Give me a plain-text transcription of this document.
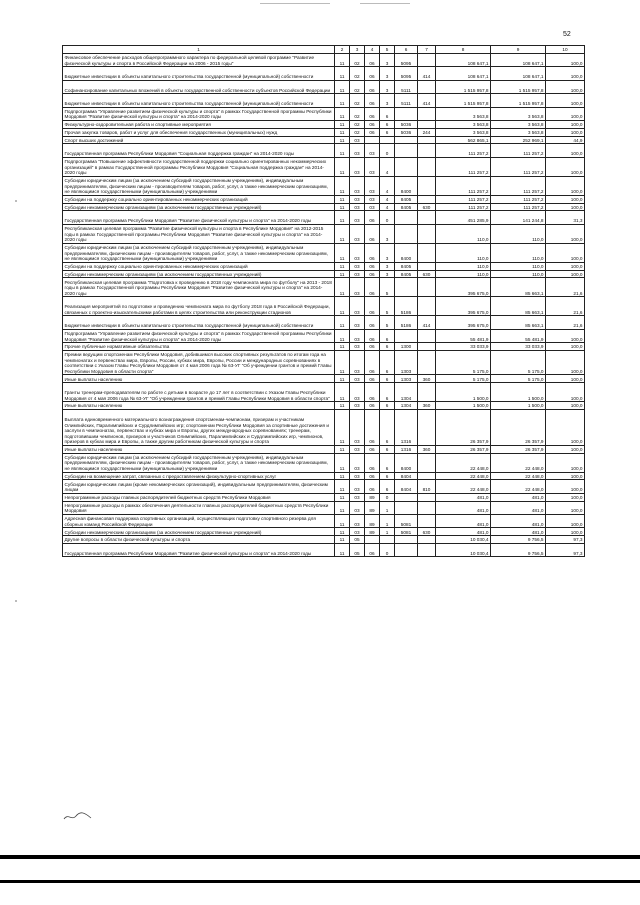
52
1	2	3	4	5	6	7	8	9	10
Финансовое обеспечение расходов общепрограммного характера по федеральной целевой программе "Развитие физической культуры и спорта в Российской Федерации на 2006 - 2015 годы"	11	02	06	3	5095		108 647,1	108 647,1	100,0
Бюджетные инвестиции в объекты капитального строительства государственной (муниципальной) собственности	11	02	06	3	5095	414	108 647,1	108 647,1	100,0
Софинансирование капитальных вложений в объекты государственной собственности субъектов Российской Федерации	11	02	06	3	5111		1 515 957,8	1 515 957,8	100,0
Бюджетные инвестиции в объекты капитального строительства государственной (муниципальной) собственности	11	02	06	3	5111	414	1 515 957,8	1 515 957,8	100,0
Подпрограмма "Управление развитием физической культуры и спорта" в рамках Государственной программы Республики Мордовия "Развитие физической культуры и спорта" на 2014-2020 годы	11	02	06	6			3 563,8	3 563,8	100,0
Физкультурно-оздоровительная работа и спортивные мероприятия	11	02	06	6	5036		3 563,8	3 563,8	100,0
Прочая закупка товаров, работ и услуг для обеспечения государственных (муниципальных) нужд	11	02	06	6	5036	244	3 563,8	3 563,8	100,0
Спорт высших достижений	11	03					562 865,1	252 969,1	44,9
Государственная программа Республики Мордовия "Социальная поддержка граждан" на 2014-2020 годы	11	03	03	0			111 257,2	111 257,2	100,0
Подпрограмма "Повышение эффективности государственной поддержки социально ориентированных некоммерческих организаций" в рамках Государственной программы Республики Мордовия "Социальная поддержка граждан" на 2014-2020 годы	11	03	03	4			111 257,2	111 257,2	100,0
Субсидии юридическим лицам (за исключением субсидий государственным учреждениям), индивидуальным предпринимателям, физическим лицам - производителям товаров, работ, услуг, а также некоммерческим организациям, не являющимся государственными (муниципальными) учреждениями	11	03	03	4	8400		111 257,2	111 257,2	100,0
Субсидии на поддержку социально ориентированных некоммерческих организаций	11	03	03	4	8405		111 257,2	111 257,2	100,0
Субсидии некоммерческим организациям (за исключением государственных учреждений)	11	03	03	4	8405	630	111 257,2	111 257,2	100,0
Государственная программа Республики Мордовия "Развитие физической культуры и спорта" на 2014-2020 годы	11	03	06	0			451 285,9	141 244,8	31,3
Республиканская целевая программа "Развитие физической культуры и спорта в Республике Мордовия" на 2012-2015 годы в рамках Государственной программы Республики Мордовия "Развитие физической культуры и спорта" на 2014-2020 годы	11	03	06	3			110,0	110,0	100,0
Субсидии юридическим лицам (за исключением субсидий государственным учреждениям), индивидуальным предпринимателям, физическим лицам - производителям товаров, работ, услуг, а также некоммерческим организациям, не являющимся государственными (муниципальными) учреждениями	11	03	06	3	8400		110,0	110,0	100,0
Субсидии на поддержку социально ориентированных некоммерческих организаций	11	03	06	3	8405		110,0	110,0	100,0
Субсидии некоммерческим организациям (за исключением государственных учреждений)	11	03	06	3	8405	630	110,0	110,0	100,0
Республиканская целевая программа "Подготовка к проведению в 2018 году чемпионата мира по футболу" на 2013 - 2018 годы в рамках Государственной программы Республики Мордовия "Развитие физической культуры и спорта" на 2014-2020 годы	11	03	06	5			395 675,0	85 663,1	21,6
Реализация мероприятий по подготовке и проведению чемпионата мира по футболу 2018 года в Российской Федерации, связанных с проектно-изыскательскими работами в целях строительства или реконструкции стадионов	11	03	06	5	5186		395 675,0	85 663,1	21,6
Бюджетные инвестиции в объекты капитального строительства государственной (муниципальной) собственности	11	03	06	5	5186	414	395 675,0	85 663,1	21,6
Подпрограмма "Управление развитием физической культуры и спорта" в рамках Государственной программы Республики Мордовия "Развитие физической культуры и спорта" на 2014-2020 годы	11	03	06	6			55 481,9	55 481,9	100,0
Прочие публичные нормативные обязательства	11	03	06	6	1300		33 033,9	33 033,9	100,0
Премии ведущим спортсменам Республики Мордовия, добившимся высоких спортивных результатов по итогам года на чемпионатах и первенствах мира, Европы, России, кубках мира, Европы, России и международных соревнованиях в соответствии с Указом Главы Республики Мордовия от 4 мая 2006 года № 63-УГ "Об учреждении грантов и премий Главы Республики Мордовия в области спорта"	11	03	06	6	1303		5 175,0	5 175,0	100,0
Иные выплаты населению	11	03	06	6	1303	360	5 175,0	5 175,0	100,0
Гранты тренерам-преподавателям по работе с детьми в возрасте до 17 лет в соответствии с Указом Главы Республики Мордовия от 4 мая 2006 года № 63-УГ "Об учреждении грантов и премий Главы Республики Мордовия в области спорта"	11	03	06	6	1304		1 500,0	1 500,0	100,0
Иные выплаты населению	11	03	06	6	1304	360	1 500,0	1 500,0	100,0
Выплата единовременного материального вознаграждения спортсменам-чемпионам, призерам и участникам Олимпийских, Паралимпийских и Сурдлимпийских игр; спортсменам Республики Мордовия за спортивные достижения и заслуги в чемпионатах, первенствах и кубках мира и Европы, других международных соревнованиях; тренерам, подготовившим чемпионов, призеров и участников Олимпийских, Паралимпийских и Сурдлимпийских игр, чемпионов, призеров в кубках мира и Европы, а также другим работникам физической культуры и спорта	11	03	06	6	1316		26 357,9	26 357,9	100,0
Иные выплаты населению	11	03	06	6	1316	360	26 357,9	26 357,9	100,0
Субсидии юридическим лицам (за исключением субсидий государственным учреждениям), индивидуальным предпринимателям, физическим лицам - производителям товаров, работ, услуг, а также некоммерческим организациям, не являющимся государственными (муниципальными) учреждениями	11	03	06	6	8400		22 448,0	22 448,0	100,0
Субсидии на возмещение затрат, связанных с предоставлением физкультурно-спортивных услуг	11	03	06	6	8404		22 448,0	22 448,0	100,0
Субсидии юридическим лицам (кроме некоммерческих организаций), индивидуальным предпринимателям, физическим лицам	11	03	06	6	8404	810	22 448,0	22 448,0	100,0
Непрограммные расходы главных распорядителей бюджетных средств Республики Мордовия	11	03	89	0			481,0	481,0	100,0
Непрограммные расходы в рамках обеспечения деятельности главных распорядителей бюджетных средств Республики Мордовия	11	03	89	1			481,0	481,0	100,0
Адресная финансовая поддержка спортивных организаций, осуществляющих подготовку спортивного резерва для сборных команд Российской Федерации	11	03	89	1	5081		481,0	481,0	100,0
Субсидии некоммерческим организациям (за исключением государственных учреждений)	11	03	89	1	5081	630	481,0	481,0	100,0
Другие вопросы в области физической культуры и спорта	11	05					10 030,4	9 756,5	97,3
Государственная программа Республики Мордовия "Развитие физической культуры и спорта" на 2014-2020 годы	11	05	06	0			10 030,4	9 756,5	97,3
